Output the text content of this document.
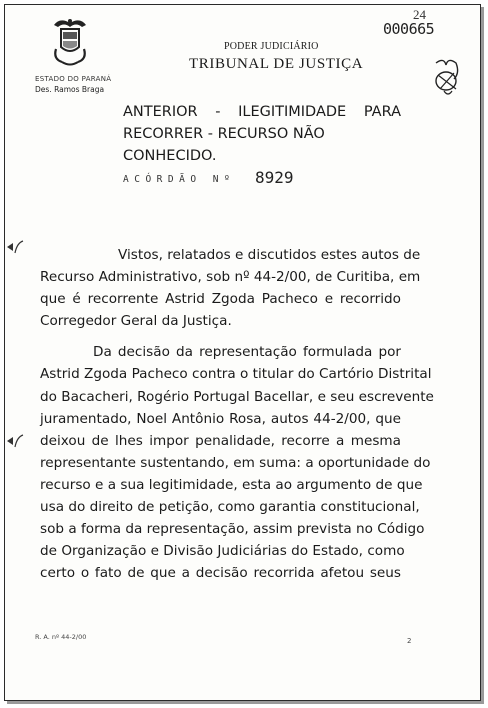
ESTADO DO PARANÁ
Des. Ramos Braga
PODER JUDICIÁRIO
TRIBUNAL DE JUSTIÇA
24
000665
ANTERIOR - ILEGITIMIDADE PARA
RECORRER - RECURSO NÃO CONHECIDO.
ACÓRDÃO Nº 8929
Vistos, relatados e discutidos estes autos de
Recurso Administrativo, sob nº 44-2/00, de Curitiba, em
que é recorrente Astrid Zgoda Pacheco e recorrido
Corregedor Geral da Justiça.
Da decisão da representação formulada por
Astrid Zgoda Pacheco contra o titular do Cartório Distrital
do Bacacheri, Rogério Portugal Bacellar, e seu escrevente
juramentado, Noel Antônio Rosa, autos 44-2/00, que
deixou de lhes impor penalidade, recorre a mesma
representante sustentando, em suma: a oportunidade do
recurso e a sua legitimidade, esta ao argumento de que
usa do direito de petição, como garantia constitucional,
sob a forma da representação, assim prevista no Código
de Organização e Divisão Judiciárias do Estado, como
certo o fato de que a decisão recorrida afetou seus
R. A. nº 44-2/00	2
